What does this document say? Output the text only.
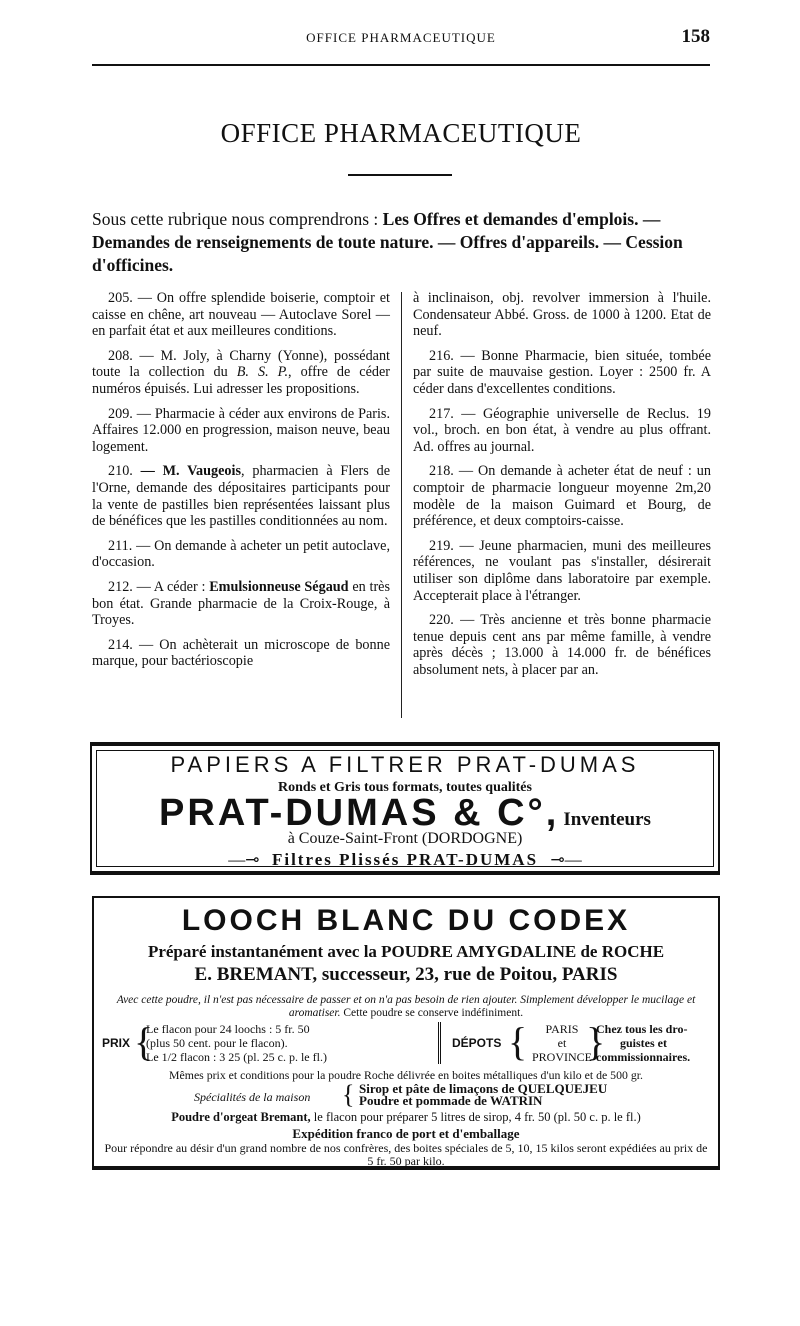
OFFICE PHARMACEUTIQUE	158
OFFICE PHARMACEUTIQUE
Sous cette rubrique nous comprendrons : Les Offres et demandes d'emplois. — Demandes de renseignements de toute nature. — Offres d'appareils. — Cession d'officines.

205. — On offre splendide boiserie, comptoir et caisse en chêne, art nouveau — Autoclave Sorel — en parfait état et aux meilleures conditions.

208. — M. Joly, à Charny (Yonne), possédant toute la collection du B. S. P., offre de céder numéros épuisés. Lui adresser les propositions.

209. — Pharmacie à céder aux environs de Paris. Affaires 12.000 en progression, maison neuve, beau logement.

210. — M. Vaugeois, pharmacien à Flers de l'Orne, demande des dépositaires participants pour la vente de pastilles bien représentées laissant plus de bénéfices que les pastilles conditionnées au nom.

211. — On demande à acheter un petit autoclave, d'occasion.

212. — A céder : Emulsionneuse Ségaud en très bon état. Grande pharmacie de la Croix-Rouge, à Troyes.

214. — On achèterait un microscope de bonne marque, pour bactérioscopie

à inclinaison, obj. revolver immersion à l'huile. Condensateur Abbé. Gross. de 1000 à 1200. Etat de neuf.

216. — Bonne Pharmacie, bien située, tombée par suite de mauvaise gestion. Loyer : 2500 fr. A céder dans d'excellentes conditions.

217. — Géographie universelle de Reclus. 19 vol., broch. en bon état, à vendre au plus offrant. Ad. offres au journal.

218. — On demande à acheter état de neuf : un comptoir de pharmacie longueur moyenne 2m,20 modèle de la maison Guimard et Bourg, de préférence, et deux comptoirs-caisse.

219. — Jeune pharmacien, muni des meilleures références, ne voulant pas s'installer, désirerait utiliser son diplôme dans laboratoire par exemple. Accepterait place à l'étranger.

220. — Très ancienne et très bonne pharmacie tenue depuis cent ans par même famille, à vendre après décès ; 13.000 à 14.000 fr. de bénéfices absolument nets, à placer par an.

PAPIERS A FILTRER PRAT-DUMAS
Ronds et Gris tous formats, toutes qualités
PRAT-DUMAS & C°, Inventeurs
à Couze-Saint-Front (DORDOGNE)
—⊸ Filtres Plissés PRAT-DUMAS ⊸—
LOOCH BLANC DU CODEX
Préparé instantanément avec la POUDRE AMYGDALINE de ROCHE
E. BREMANT, successeur, 23, rue de Poitou, PARIS
Avec cette poudre, il n'est pas nécessaire de passer et on n'a pas besoin de rien ajouter. Simplement développer le mucilage et aromatiser. Cette poudre se conserve indéfiniment.
PRIX {
Le flacon pour 24 loochs : 5 fr. 50
(plus 50 cent. pour le flacon).
Le 1/2 flacon : 3 25 (pl. 25 c. p. le fl.)
DÉPOTS {	PARIS
et
PROVINCE
}
Chez tous les dro-
guistes et
commissionnaires.
Mêmes prix et conditions pour la poudre Roche délivrée en boites métalliques d'un kilo et de 500 gr.
Spécialités de la maison { Sirop et pâte de limaçons de QUELQUEJEU
Poudre et pommade de WATRIN
Poudre d'orgeat Bremant, le flacon pour préparer 5 litres de sirop, 4 fr. 50 (pl. 50 c. p. le fl.)
Expédition franco de port et d'emballage
Pour répondre au désir d'un grand nombre de nos confrères, des boites spéciales de 5, 10, 15 kilos seront expédiées au prix de 5 fr. 50 par kilo.
